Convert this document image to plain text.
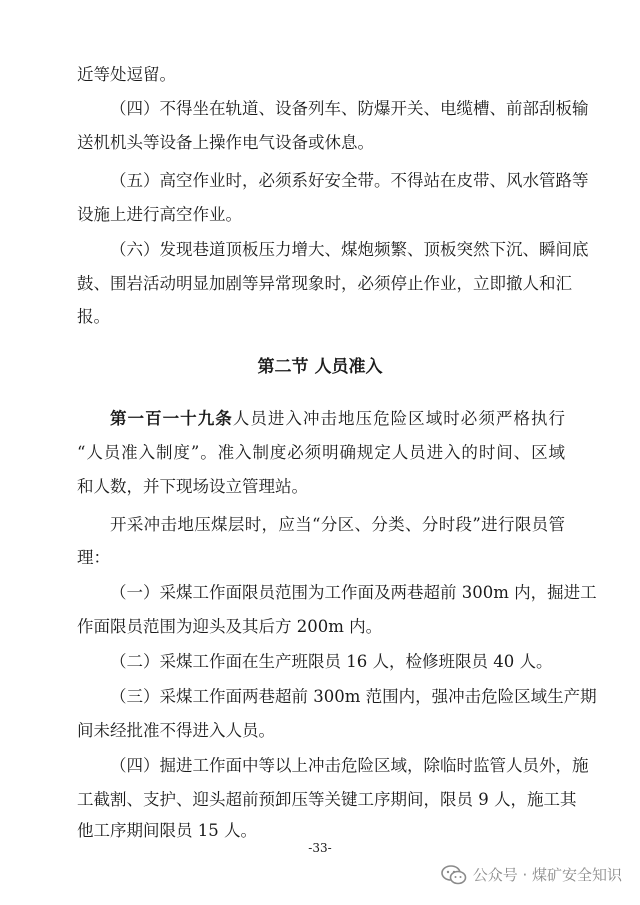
近等处逗留。

（四）不得坐在轨道、设备列车、防爆开关、电缆槽、前部刮板输

送机机头等设备上操作电气设备或休息。

（五）高空作业时，必须系好安全带。不得站在皮带、风水管路等

设施上进行高空作业。

（六）发现巷道顶板压力增大、煤炮频繁、顶板突然下沉、瞬间底

鼓、围岩活动明显加剧等异常现象时，必须停止作业，立即撤人和汇

报。

第二节 人员准入

第一百一十九条人员进入冲击地压危险区域时必须严格执行

“人员准入制度”。准入制度必须明确规定人员进入的时间、区域

和人数，并下现场设立管理站。

开采冲击地压煤层时，应当“分区、分类、分时段”进行限员管

理：

（一）采煤工作面限员范围为工作面及两巷超前 300m 内，掘进工

作面限员范围为迎头及其后方 200m 内。

（二）采煤工作面在生产班限员 16 人，检修班限员 40 人。

（三）采煤工作面两巷超前 300m 范围内，强冲击危险区域生产期

间未经批准不得进入人员。

（四）掘进工作面中等以上冲击危险区域，除临时监管人员外，施

工截割、支护、迎头超前预卸压等关键工序期间，限员 9 人，施工其

他工序期间限员 15 人。

-33-

公众号 · 煤矿安全知识
